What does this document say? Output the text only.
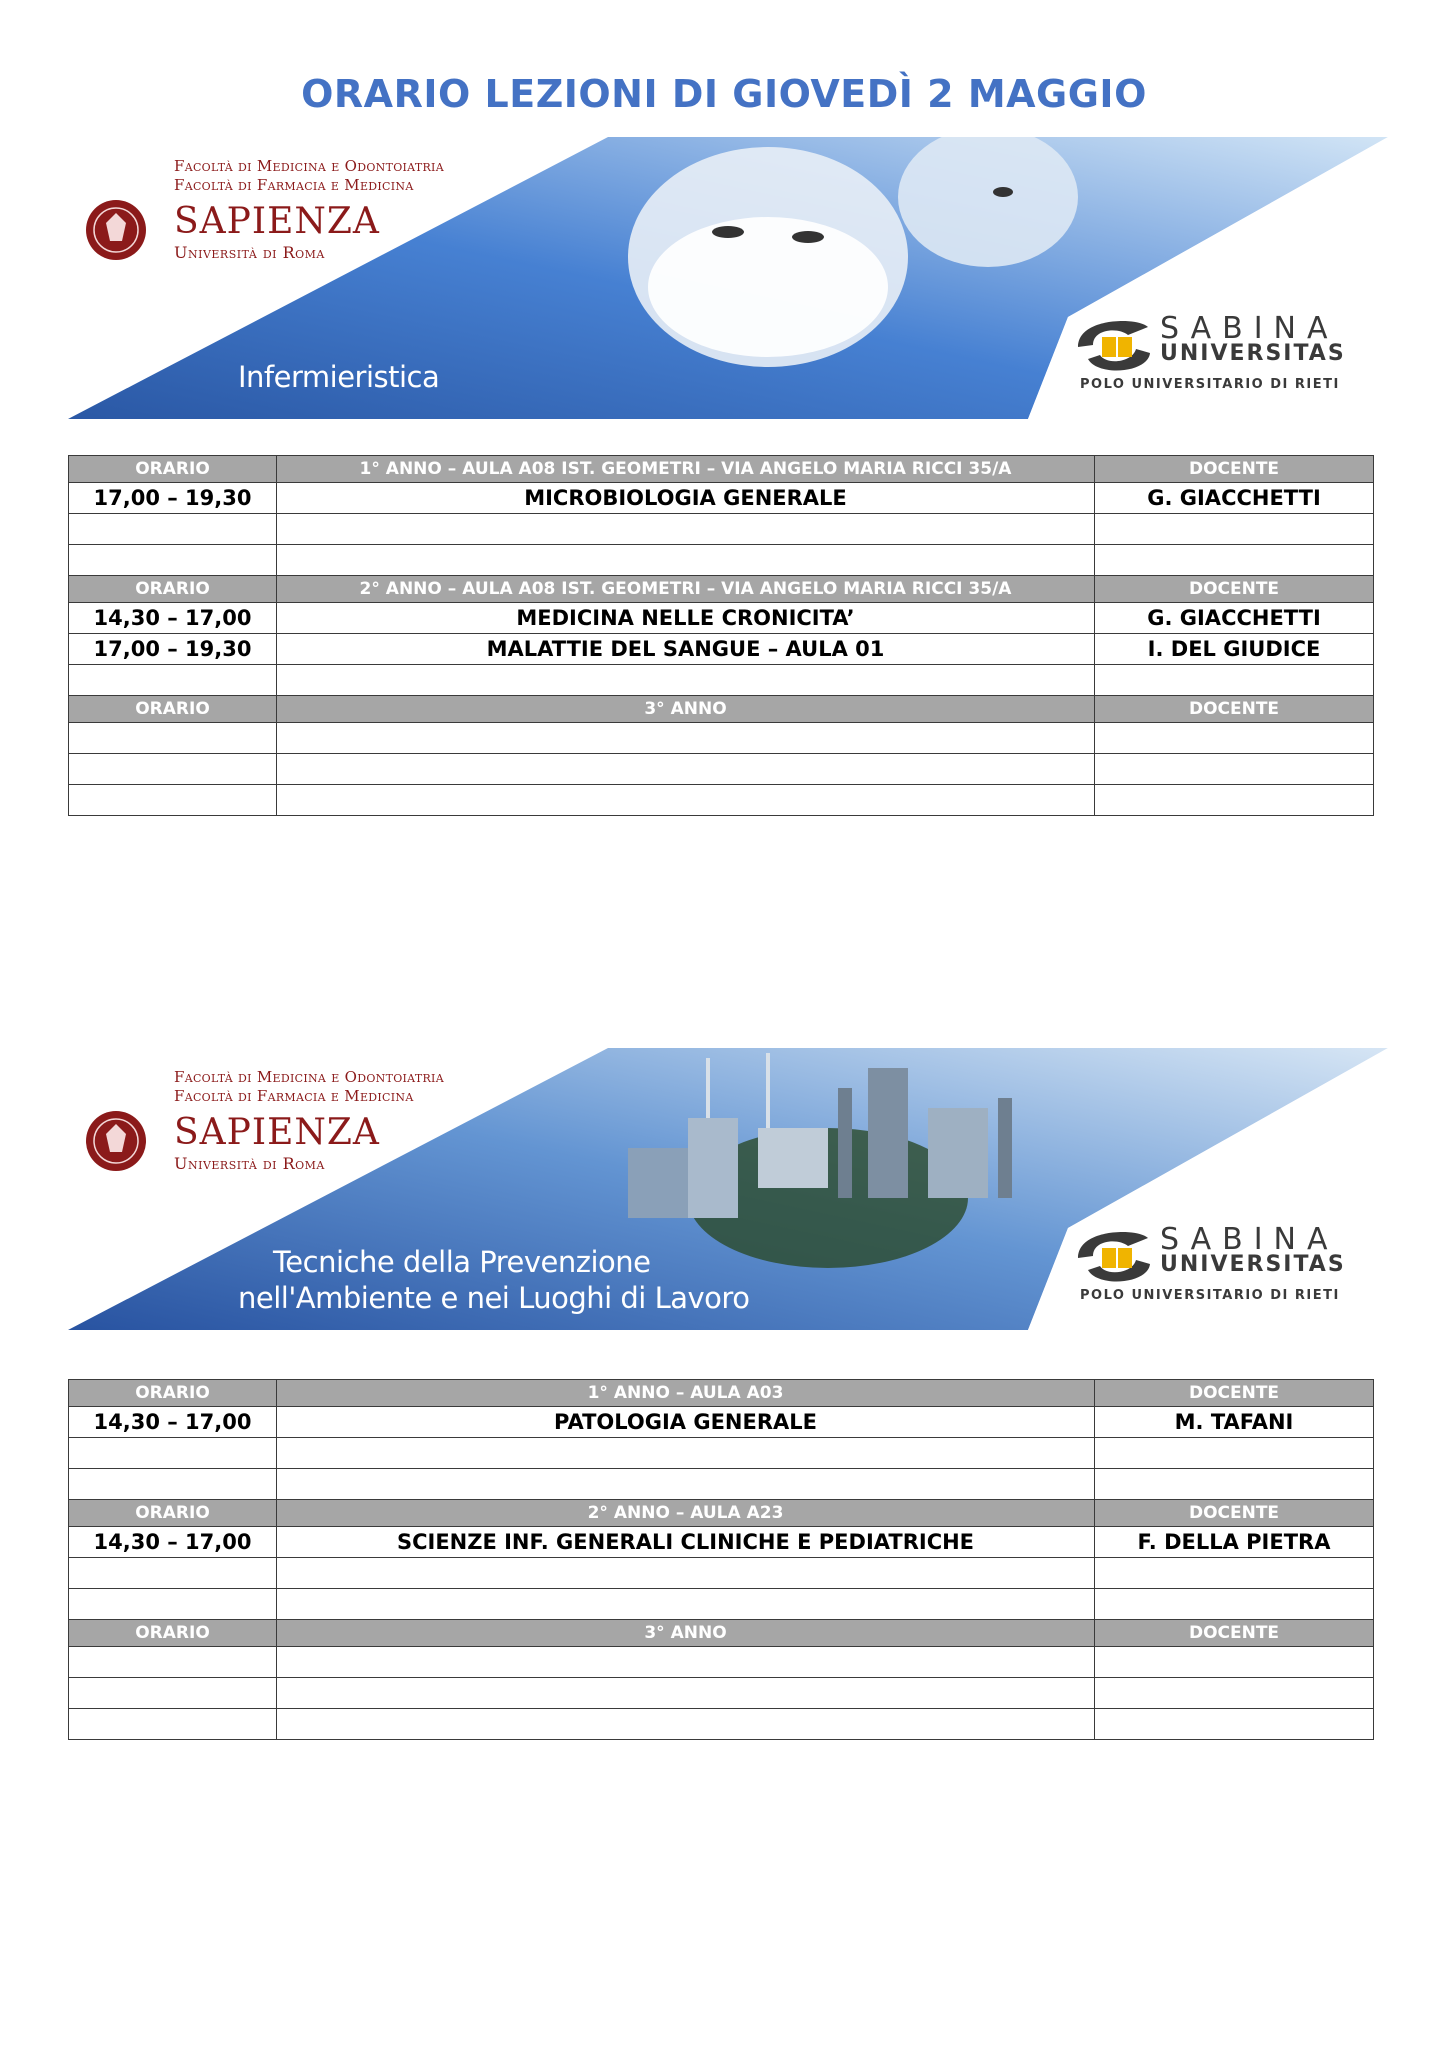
ORARIO LEZIONI DI GIOVEDÌ 2 MAGGIO
Facoltà di Medicina e Odontoiatria
Facoltà di Farmacia e Medicina
SAPIENZA
Università di Roma
Infermieristica
SABINA
UNIVERSITAS
POLO UNIVERSITARIO DI RIETI
ORARIO	1° ANNO – AULA A08 IST. GEOMETRI – VIA ANGELO MARIA RICCI 35/A	DOCENTE
17,00 – 19,30	MICROBIOLOGIA GENERALE	G. GIACCHETTI

ORARIO	2° ANNO – AULA A08 IST. GEOMETRI – VIA ANGELO MARIA RICCI 35/A	DOCENTE
14,30 – 17,00	MEDICINA NELLE CRONICITA’	G. GIACCHETTI
17,00 – 19,30	MALATTIE DEL SANGUE – AULA 01	I. DEL GIUDICE

ORARIO	3° ANNO	DOCENTE

Facoltà di Medicina e Odontoiatria
Facoltà di Farmacia e Medicina
SAPIENZA
Università di Roma
Tecniche della Prevenzione
nell'Ambiente e nei Luoghi di Lavoro
SABINA
UNIVERSITAS
POLO UNIVERSITARIO DI RIETI
ORARIO	1° ANNO – AULA A03	DOCENTE
14,30 – 17,00	PATOLOGIA GENERALE	M. TAFANI

ORARIO	2° ANNO – AULA A23	DOCENTE
14,30 – 17,00	SCIENZE INF. GENERALI CLINICHE E PEDIATRICHE	F. DELLA PIETRA

ORARIO	3° ANNO	DOCENTE
